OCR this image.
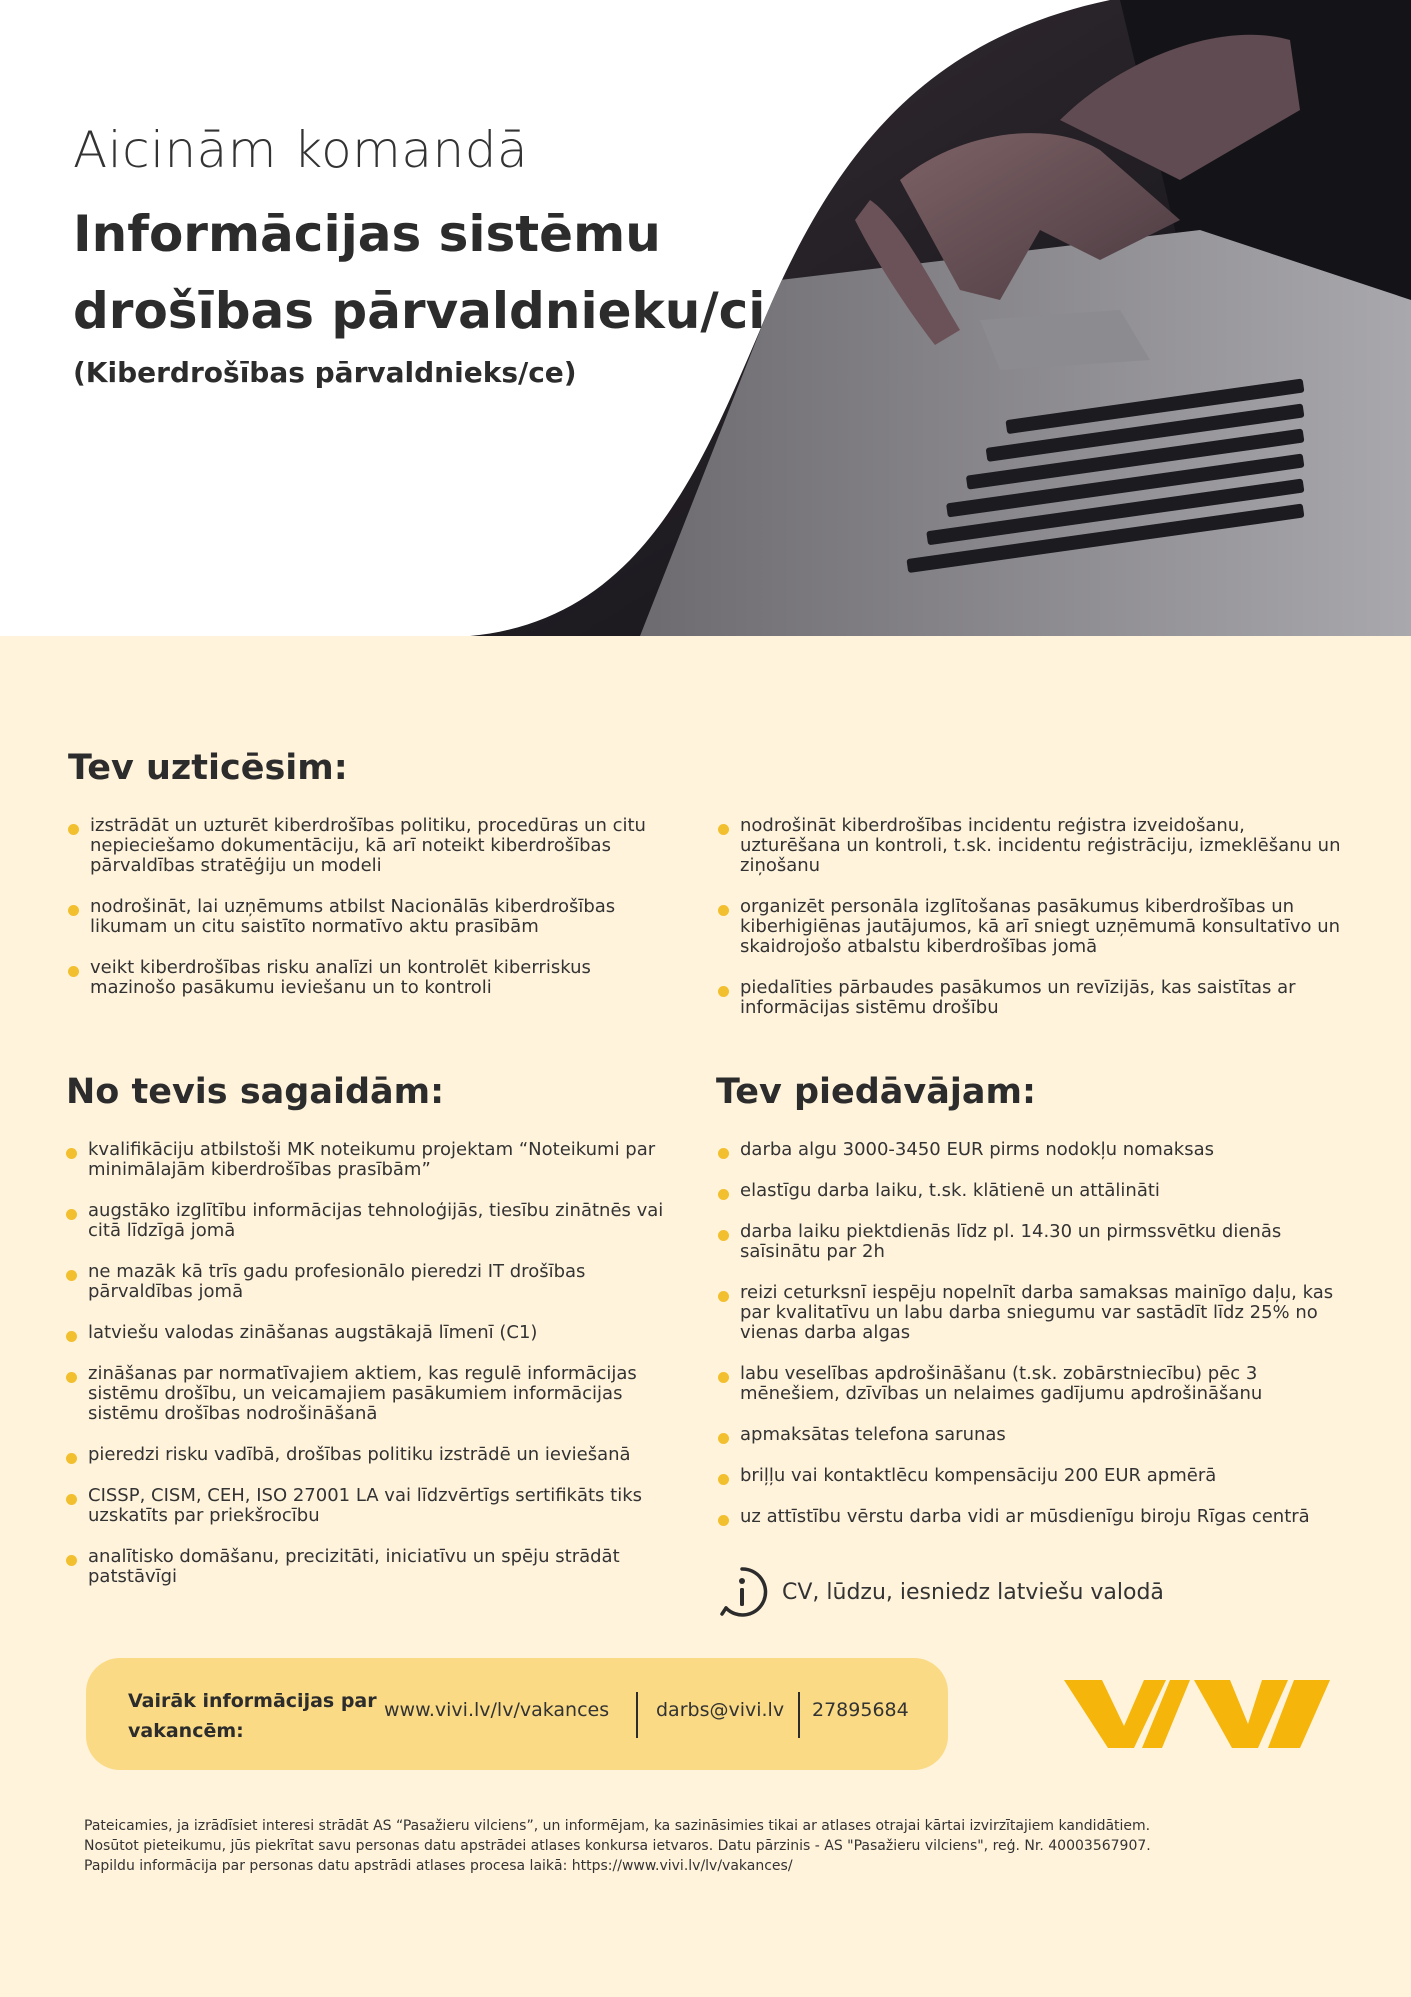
Aicinām komandā

Informācijas sistēmu
drošības pārvaldnieku/ci

(Kiberdrošības pārvaldnieks/ce)

Tev uzticēsim:
izstrādāt un uzturēt kiberdrošības politiku, procedūras un citu nepieciešamo dokumentāciju, kā arī noteikt kiberdrošības pārvaldības stratēģiju un modeli
nodrošināt, lai uzņēmums atbilst Nacionālās kiberdrošības likumam un citu saistīto normatīvo aktu prasībām
veikt kiberdrošības risku analīzi un kontrolēt kiberriskus mazinošo pasākumu ieviešanu un to kontroli
nodrošināt kiberdrošības incidentu reģistra izveidošanu, uzturēšana un kontroli, t.sk. incidentu reģistrāciju, izmeklēšanu un ziņošanu
organizēt personāla izglītošanas pasākumus kiberdrošības un kiberhigiēnas jautājumos, kā arī sniegt uzņēmumā konsultatīvo un skaidrojošo atbalstu kiberdrošības jomā
piedalīties pārbaudes pasākumos un revīzijās, kas saistītas ar informācijas sistēmu drošību
No tevis sagaidām:
kvalifikāciju atbilstoši MK noteikumu projektam “Noteikumi par minimālajām kiberdrošības prasībām”
augstāko izglītību informācijas tehnoloģijās, tiesību zinātnēs vai citā līdzīgā jomā
ne mazāk kā trīs gadu profesionālo pieredzi IT drošības pārvaldības jomā
latviešu valodas zināšanas augstākajā līmenī (C1)
zināšanas par normatīvajiem aktiem, kas regulē informācijas sistēmu drošību, un veicamajiem pasākumiem informācijas sistēmu drošības nodrošināšanā
pieredzi risku vadībā, drošības politiku izstrādē un ieviešanā
CISSP, CISM, CEH, ISO 27001 LA vai līdzvērtīgs sertifikāts tiks uzskatīts par priekšrocību
analītisko domāšanu, precizitāti, iniciatīvu un spēju strādāt patstāvīgi
Tev piedāvājam:
darba algu 3000-3450 EUR pirms nodokļu nomaksas
elastīgu darba laiku, t.sk. klātienē un attālināti
darba laiku piektdienās līdz pl. 14.30 un pirmssvētku dienās saīsinātu par 2h
reizi ceturksnī iespēju nopelnīt darba samaksas mainīgo daļu, kas par kvalitatīvu un labu darba sniegumu var sastādīt līdz 25% no vienas darba algas
labu veselības apdrošināšanu (t.sk. zobārstniecību) pēc 3 mēnešiem, dzīvības un nelaimes gadījumu apdrošināšanu
apmaksātas telefona sarunas
briļļu vai kontaktlēcu kompensāciju 200 EUR apmērā
uz attīstību vērstu darba vidi ar mūsdienīgu biroju Rīgas centrā
CV, lūdzu, iesniedz latviešu valodā
Vairāk informācijas par vakancēm:
www.vivi.lv/lv/vakances darbs@vivi.lv 27895684
Pateicamies, ja izrādīsiet interesi strādāt AS “Pasažieru vilciens”, un informējam, ka sazināsimies tikai ar atlases otrajai kārtai izvirzītajiem kandidātiem.
Nosūtot pieteikumu, jūs piekrītat savu personas datu apstrādei atlases konkursa ietvaros. Datu pārzinis - AS "Pasažieru vilciens", reģ. Nr. 40003567907.
Papildu informācija par personas datu apstrādi atlases procesa laikā: https://www.vivi.lv/lv/vakances/
